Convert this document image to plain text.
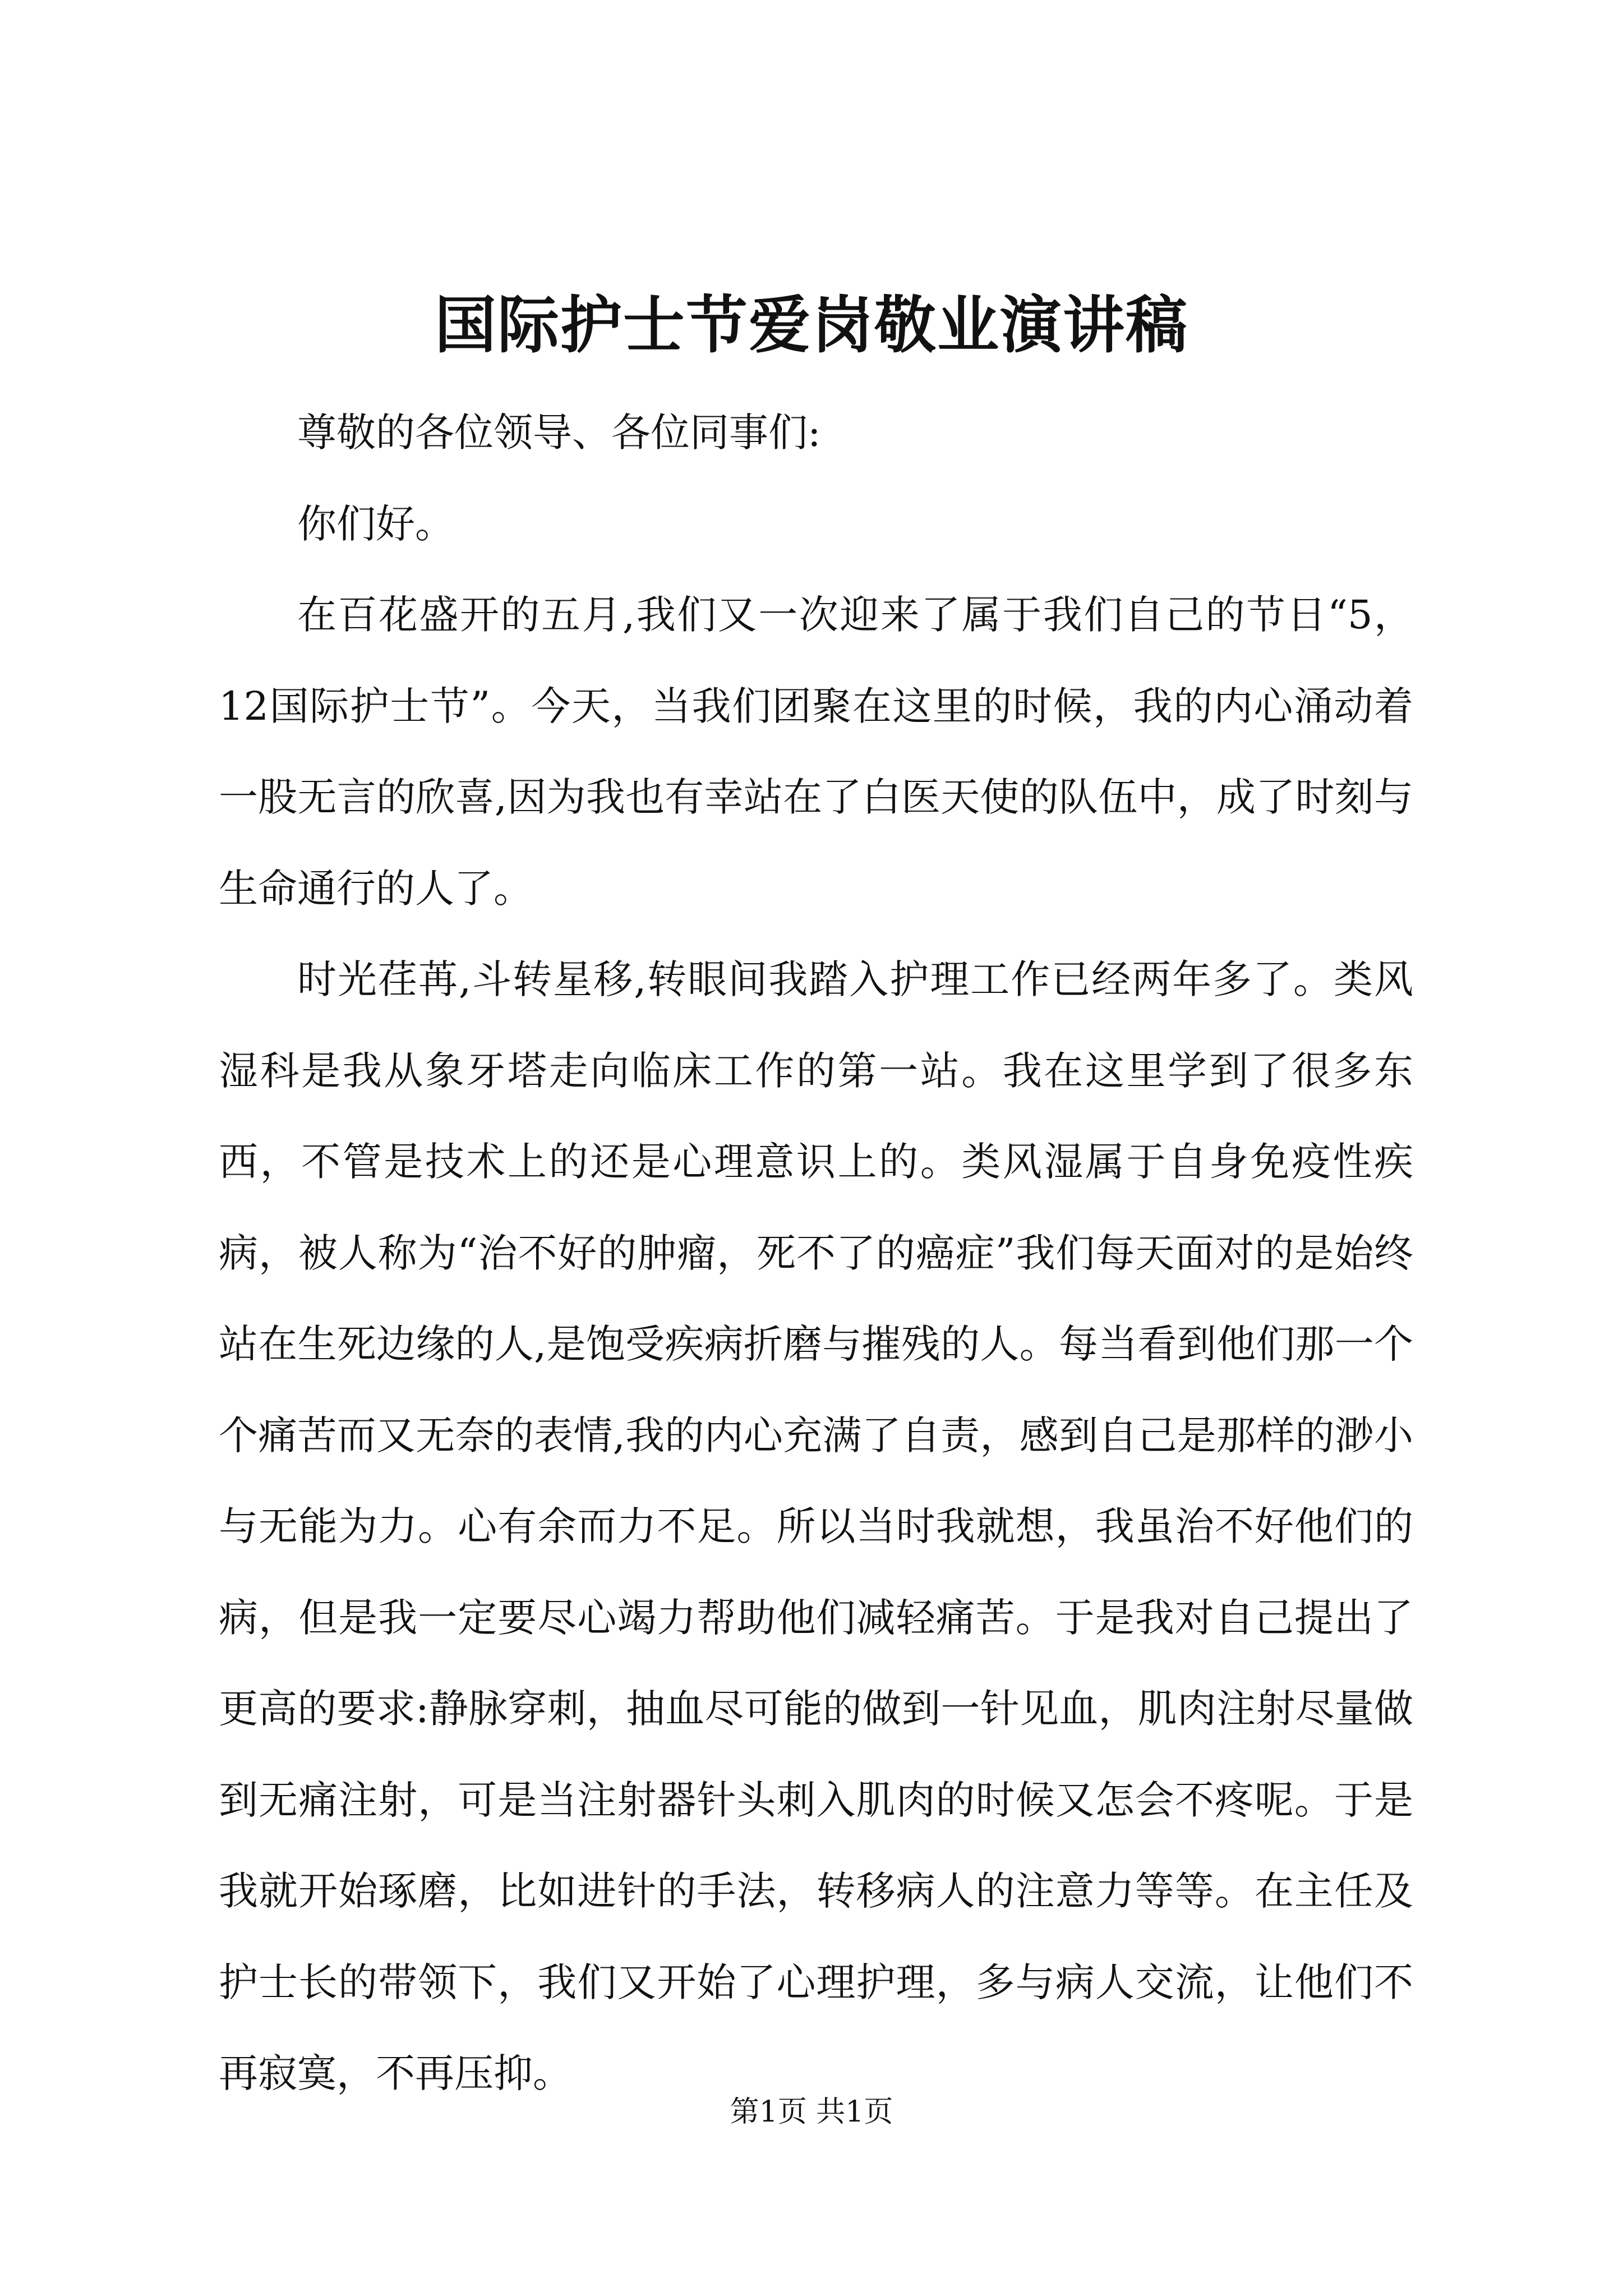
国际护士节爱岗敬业演讲稿

尊敬的各位领导、各位同事们:

你们好。

在百花盛开的五月,我们又一次迎来了属于我们自己的节日“5，12国际护士节”。今天，当我们团聚在这里的时候，我的内心涌动着一股无言的欣喜,因为我也有幸站在了白医天使的队伍中，成了时刻与生命通行的人了。

时光荏苒,斗转星移,转眼间我踏入护理工作已经两年多了。类风湿科是我从象牙塔走向临床工作的第一站。我在这里学到了很多东西，不管是技术上的还是心理意识上的。类风湿属于自身免疫性疾病，被人称为“治不好的肿瘤，死不了的癌症”我们每天面对的是始终站在生死边缘的人,是饱受疾病折磨与摧残的人。每当看到他们那一个个痛苦而又无奈的表情,我的内心充满了自责，感到自己是那样的渺小与无能为力。心有余而力不足。所以当时我就想，我虽治不好他们的病，但是我一定要尽心竭力帮助他们减轻痛苦。于是我对自己提出了更高的要求:静脉穿刺，抽血尽可能的做到一针见血，肌肉注射尽量做到无痛注射，可是当注射器针头刺入肌肉的时候又怎会不疼呢。于是我就开始琢磨，比如进针的手法，转移病人的注意力等等。在主任及护士长的带领下，我们又开始了心理护理，多与病人交流，让他们不再寂寞，不再压抑。

第1页 共1页
